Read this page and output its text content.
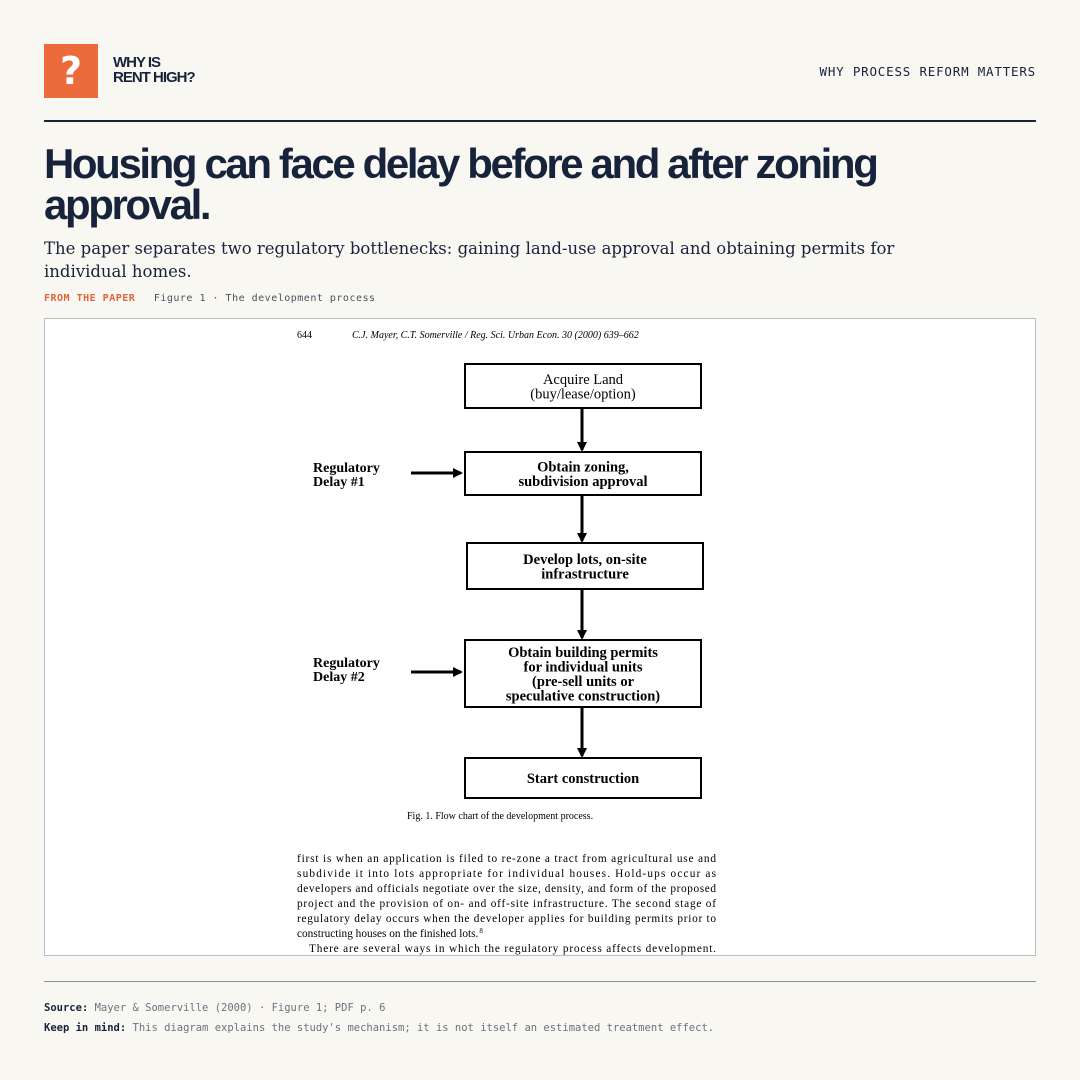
? WHY IS
RENT HIGH?	WHY PROCESS REFORM MATTERS
Housing can face delay before and after zoning approval.

The paper separates two regulatory bottlenecks: gaining land-use approval and obtaining permits for individual homes.

FROM THE PAPER Figure 1 · The development process
644	C.J. Mayer, C.T. Somerville / Reg. Sci. Urban Econ. 30 (2000) 639–662
Acquire Land
(buy/lease/option)
Obtain zoning,
subdivision approval
Develop lots, on-site
infrastructure
Obtain building permits
for individual units
(pre-sell units or
speculative construction)
Start construction
Regulatory
Delay #1
Regulatory
Delay #2
Fig. 1. Flow chart of the development process.
first is when an application is filed to re-zone a tract from agricultural use and
subdivide it into lots appropriate for individual houses. Hold-ups occur as
developers and officials negotiate over the size, density, and form of the proposed
project and the provision of on- and off-site infrastructure. The second stage of
regulatory delay occurs when the developer applies for building permits prior to
constructing houses on the finished lots. 8
There are several ways in which the regulatory process affects development.
Source: Mayer & Somerville (2000) · Figure 1; PDF p. 6
Keep in mind: This diagram explains the study's mechanism; it is not itself an estimated treatment effect.
